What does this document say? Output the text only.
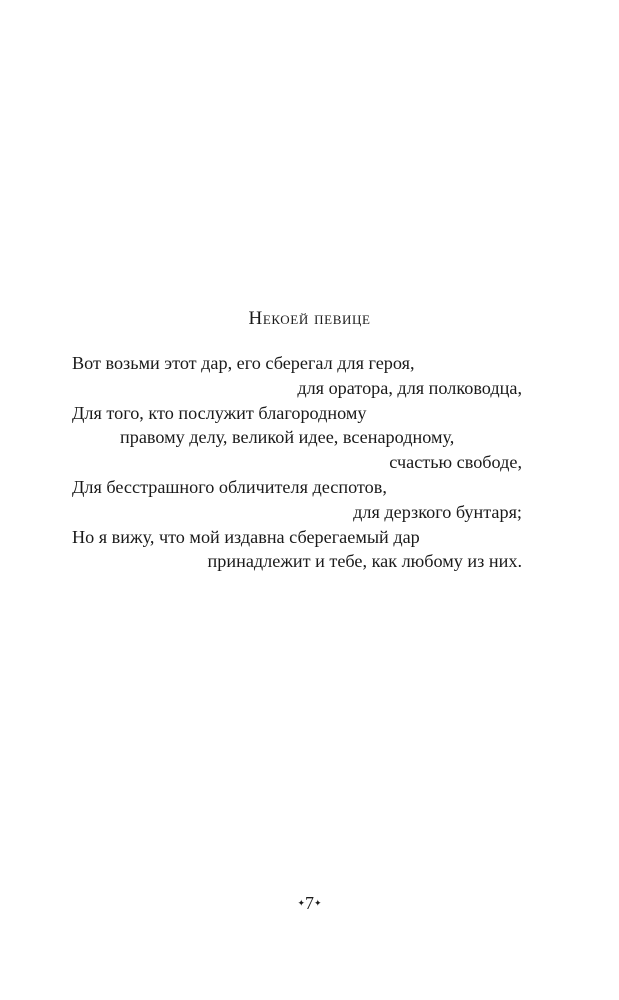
Некоей певице
Вот возьми этот дар, его сберегал для героя,
для оратора, для полководца,
Для того, кто послужит благородному
правому делу, великой идее, всенародному,
счастью свободе,
Для бесстрашного обличителя деспотов,
для дерзкого бунтаря;
Но я вижу, что мой издавна сберегаемый дар
принадлежит и тебе, как любому из них.
✦7✦
